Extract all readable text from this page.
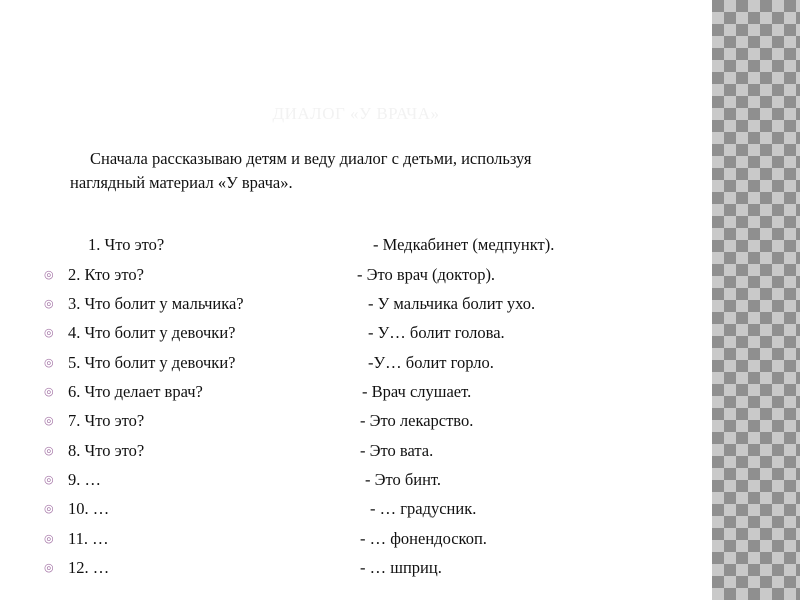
ДИАЛОГ «У ВРАЧА»

Сначала рассказываю детям и веду диалог с детьми, используя
наглядный материал «У врача».

1. Что это?	- Медкабинет (медпункт).
◎ 2. Кто это?	- Это врач (доктор).
◎ 3. Что болит у мальчика?	- У мальчика болит ухо.
◎ 4. Что болит у девочки?	- У… болит голова.
◎ 5. Что болит у девочки?	-У… болит горло.
◎ 6. Что делает врач?	- Врач слушает.
◎ 7. Что это?	- Это лекарство.
◎ 8. Что это?	- Это вата.
◎ 9. …	- Это бинт.
◎ 10. …	- … градусник.
◎ 11. …	- … фонендоскоп.
◎ 12. …	- … шприц.
